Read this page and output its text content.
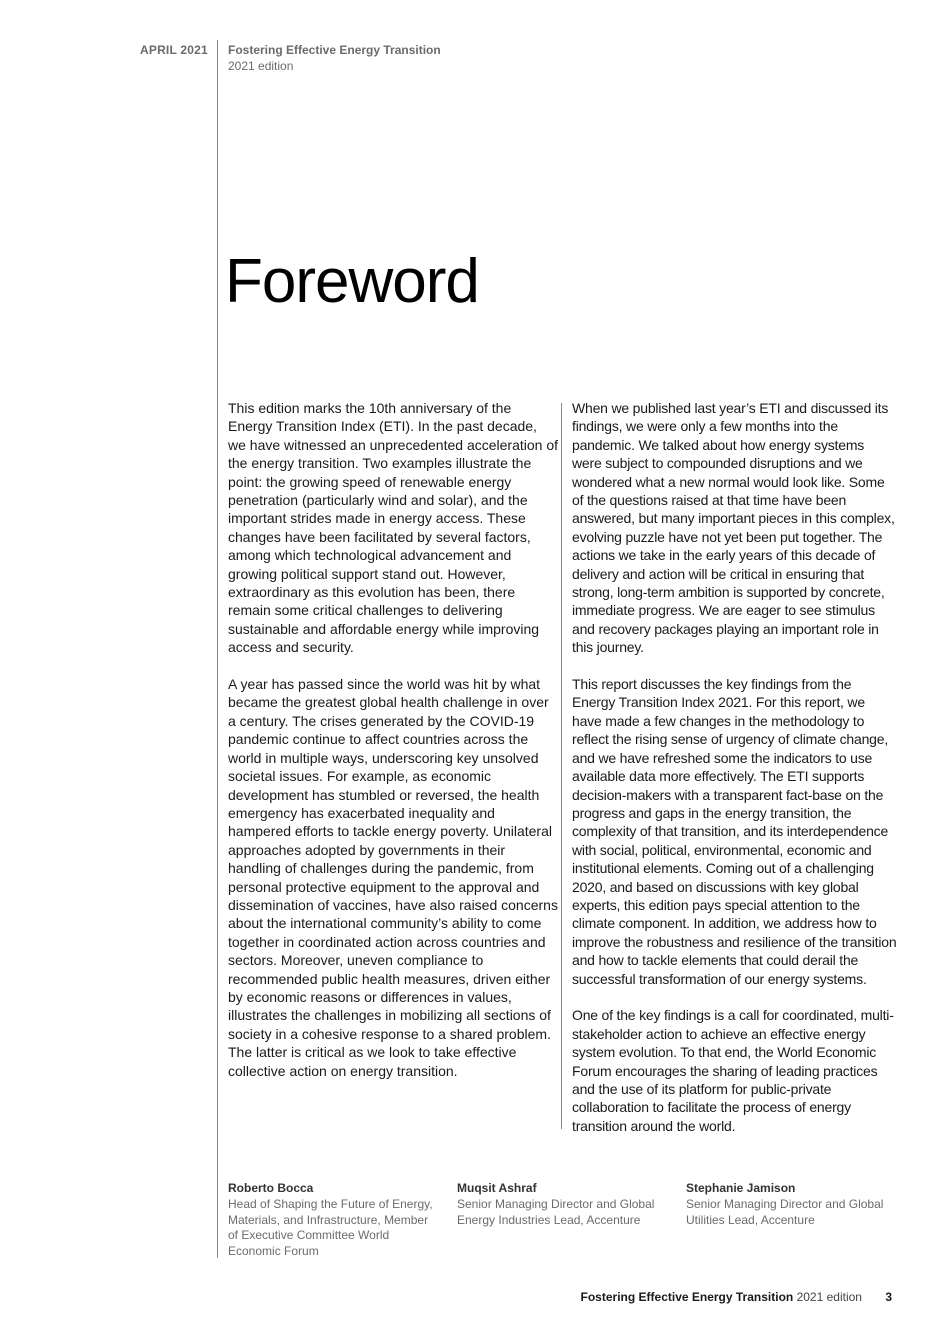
APRIL 2021 Fostering Effective Energy Transition
2021 edition
Foreword

This edition marks the 10th anniversary of the Energy Transition Index (ETI). In the past decade, we have witnessed an unprecedented acceleration of the energy transition. Two examples illustrate the point: the growing speed of renewable energy penetration (particularly wind and solar), and the important strides made in energy access. These changes have been facilitated by several factors, among which technological advancement and growing political support stand out. However, extraordinary as this evolution has been, there remain some critical challenges to delivering sustainable and affordable energy while improving access and security.

A year has passed since the world was hit by what became the greatest global health challenge in over a century. The crises generated by the COVID-19 pandemic continue to affect countries across the world in multiple ways, underscoring key unsolved societal issues. For example, as economic development has stumbled or reversed, the health emergency has exacerbated inequality and hampered efforts to tackle energy poverty. Unilateral approaches adopted by governments in their handling of challenges during the pandemic, from personal protective equipment to the approval and dissemination of vaccines, have also raised concerns about the international community’s ability to come together in coordinated action across countries and sectors. Moreover, uneven compliance to recommended public health measures, driven either by economic reasons or differences in values, illustrates the challenges in mobilizing all sections of society in a cohesive response to a shared problem. The latter is critical as we look to take effective collective action on energy transition.

When we published last year’s ETI and discussed its findings, we were only a few months into the pandemic. We talked about how energy systems were subject to compounded disruptions and we wondered what a new normal would look like. Some of the questions raised at that time have been answered, but many important pieces in this complex, evolving puzzle have not yet been put together. The actions we take in the early years of this decade of delivery and action will be critical in ensuring that strong, long-term ambition is supported by concrete, immediate progress. We are eager to see stimulus and recovery packages playing an important role in this journey.

This report discusses the key findings from the Energy Transition Index 2021. For this report, we have made a few changes in the methodology to reflect the rising sense of urgency of climate change, and we have refreshed some the indicators to use available data more effectively. The ETI supports decision-makers with a transparent fact-base on the progress and gaps in the energy transition, the complexity of that transition, and its interdependence with social, political, environmental, economic and institutional elements. Coming out of a challenging 2020, and based on discussions with key global experts, this edition pays special attention to the climate component. In addition, we address how to improve the robustness and resilience of the transition and how to tackle elements that could derail the successful transformation of our energy systems.

One of the key findings is a call for coordinated, multi-stakeholder action to achieve an effective energy system evolution. To that end, the World Economic Forum encourages the sharing of leading practices and the use of its platform for public-private collaboration to facilitate the process of energy transition around the world.

Roberto Bocca
Head of Shaping the Future of Energy, Materials, and Infrastructure, Member of Executive Committee World Economic Forum
Muqsit Ashraf
Senior Managing Director and Global Energy Industries Lead, Accenture
Stephanie Jamison
Senior Managing Director and Global Utilities Lead, Accenture
Fostering Effective Energy Transition 2021 edition 3
